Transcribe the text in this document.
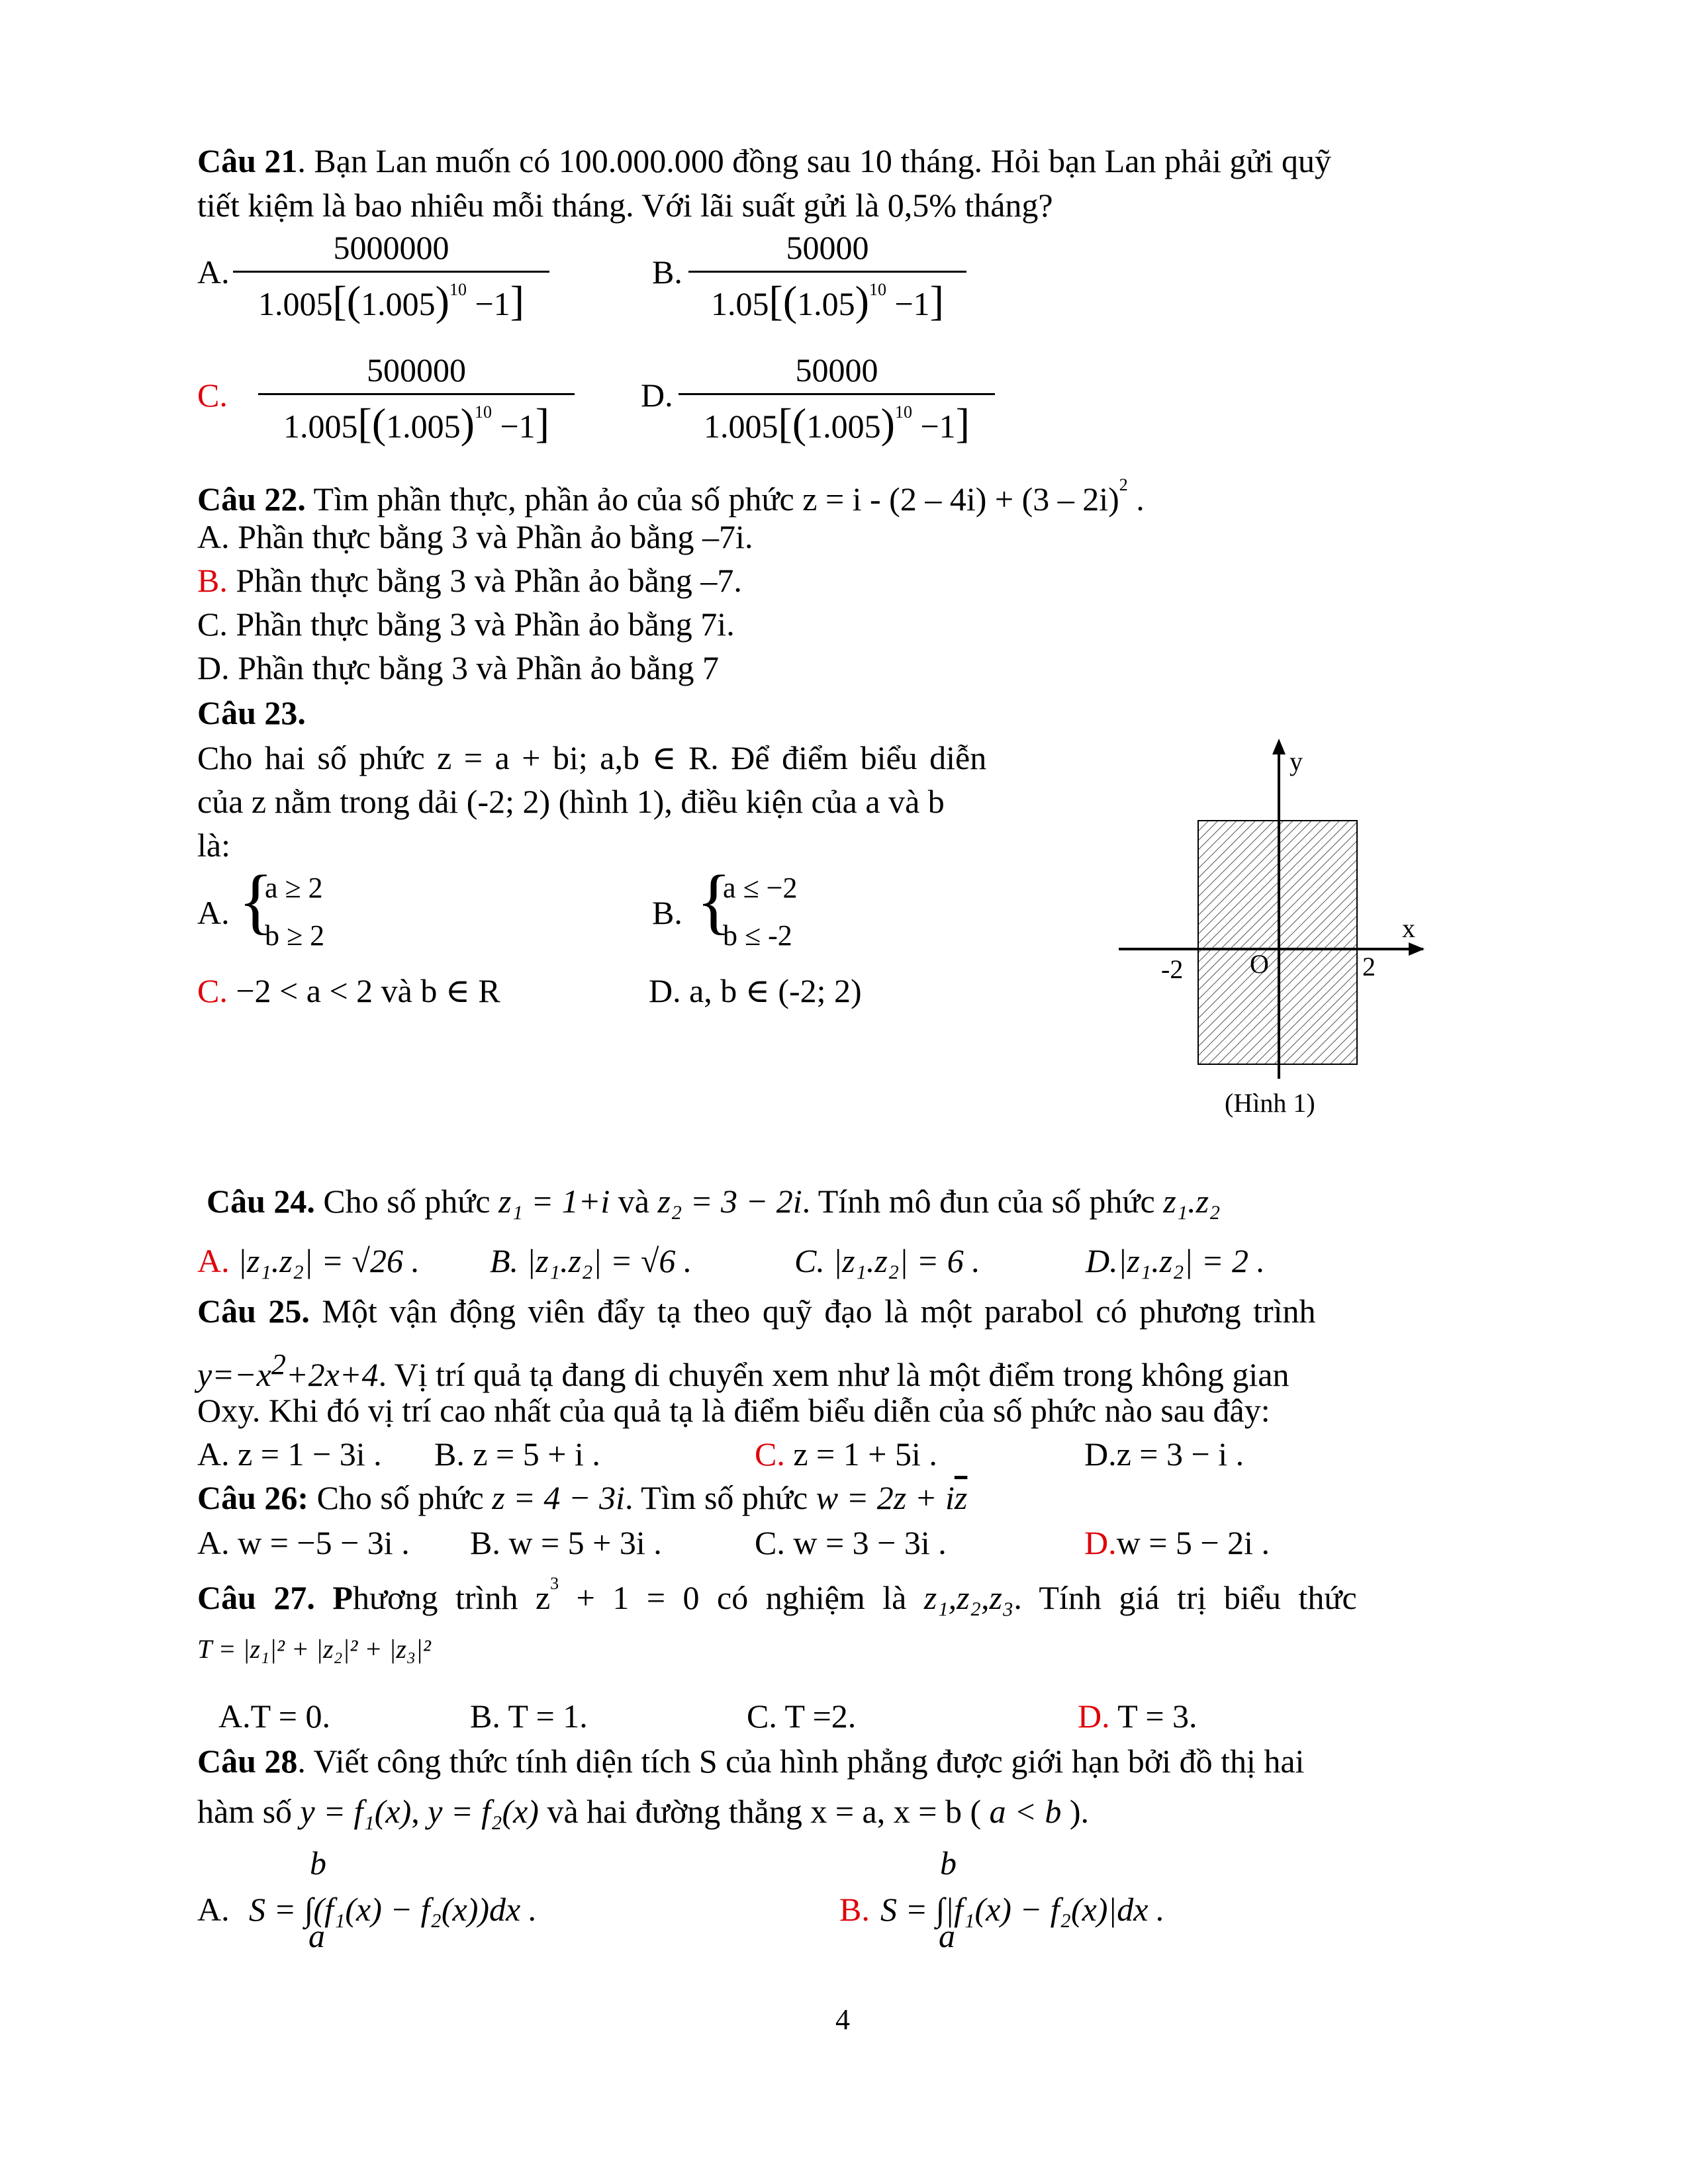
Câu 21. Bạn Lan muốn có 100.000.000 đồng sau 10 tháng. Hỏi bạn Lan phải gửi quỹ
tiết kiệm là bao nhiêu mỗi tháng. Với lãi suất gửi là 0,5% tháng?
A. $\frac{5000000}{1.005[(1.005)^{10} -1]}$	B. $\frac{50000}{1.05[(1.05)^{10} -1]}$
C. $\frac{500000}{1.005[(1.005)^{10} -1]} D$. $\frac{50000}{1.005[(1.005)^{10} -1]}$
Câu 22. Tìm phần thực, phần ảo của số phức z = i - (2 – 4i) + (3 – 2i)$^2$ .
A. Phần thực bằng 3 và Phần ảo bằng –7i.
B. Phần thực bằng 3 và Phần ảo bằng –7.
C. Phần thực bằng 3 và Phần ảo bằng 7i.
D. Phần thực bằng 3 và Phần ảo bằng 7
Câu 23.
Cho hai số phức z = a + bi; a,b ∈ R. Để điểm biểu diễn
của z nằm trong dải (-2; 2) (hình 1), điều kiện của a và b
là:
A. {
a ≥ 2
b ≥ 2
B. {
a ≤ −2
b ≤ -2
C. −2 < a < 2 và b ∈ R	D. a, b ∈ (-2; 2)
y
x
-2	O	2
(Hình 1)
Câu 24. Cho số phức z₁ = 1+i và z₂ = 3 − 2i. Tính mô đun của số phức z₁.z₂
A. |z₁.z₂| = √26 . B. |z₁.z₂| = √6 .	C. |z₁.z₂| = 6 .	D.|z₁.z₂| = 2 .
Câu 25. Một vận động viên đẩy tạ theo quỹ đạo là một parabol có phương trình
$y=-x^2+2x+4$. Vị trí quả tạ đang di chuyển xem như là một điểm trong không gian
Oxy. Khi đó vị trí cao nhất của quả tạ là điểm biểu diễn của số phức nào sau đây:
A. z = 1 − 3i . B. z = 5 + i .	C. z = 1 + 5i .	D.z = 3 − i .
Câu 26: Cho số phức z = 4 − 3i. Tìm số phức $w = 2z + i\overline{z}$
A. w = −5 − 3i . B. w = 5 + 3i .	C. w = 3 − 3i .	D.w = 5 − 2i .
Câu 27. Phương trình $z^3 + 1 = 0$ có nghiệm là z₁,z₂,z₃. Tính giá trị biểu thức
T = |z₁|² + |z₂|² + |z₃|²
A.T = 0.	B. T = 1.	C. T =2.	D. T = 3.
Câu 28. Viết công thức tính diện tích S của hình phẳng được giới hạn bởi đồ thị hai
hàm số y = f₁(x), y = f₂(x) và hai đường thẳng x = a, x = b ( a < b ).
A.
b
a
S = ∫(f₁(x) − f₂(x))dx .	B.
b
a
S = ∫|f₁(x) − f₂(x)|dx .
4
